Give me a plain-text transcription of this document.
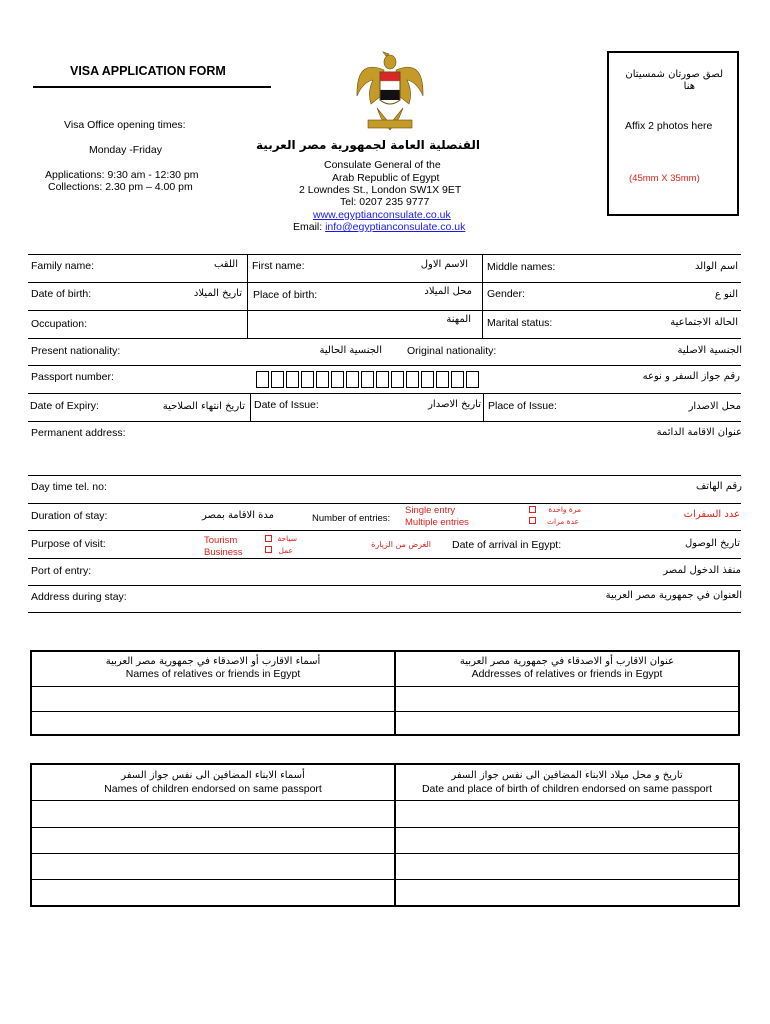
VISA APPLICATION FORM
Visa Office opening times:
Monday -Friday
Applications: 9:30 am - 12:30 pm
Collections: 2.30 pm – 4.00 pm
القنصلية العامة لجمهورية مصر العربية
Consulate General of the
Arab Republic of Egypt
2 Lowndes St., London SW1X 9ET
Tel: 0207 235 9777
www.egyptianconsulate.co.uk
Email: info@egyptianconsulate.co.uk
لصق صورتان شمسيتان
هنا
Affix 2 photos here
(45mm X 35mm)
Family name:	اللقب First name:	الاسم الاول Middle names:	اسم الوالد
Date of birth:	تاريخ الميلاد Place of birth:	محل الميلاد Gender:	النو ع
Occupation:	المهنة Marital status:	الحالة الاجتماعية
Present nationality:	الجنسية الحالية Original nationality:	الجنسية الاصلية
Passport number:	رقم جواز السفر و نوعه
Date of Expiry:	تاريخ انتهاء الصلاحية Date of Issue:	تاريخ الاصدار Place of Issue:	محل الاصدار
Permanent address:	عنوان الاقامة الدائمة
Day time tel. no:	رقم الهاتف
Duration of stay:	مدة الاقامة بمصر	Number of entries:
Single entry
Multiple entries
مرة واحدة
عدة مرات
عدد السفرات
Purpose of visit:	Tourism
Business
سياحة
عمل
الغرض من الزيارة Date of arrival in Egypt:	تاريخ الوصول
Port of entry:	منفذ الدخول لمصر
Address during stay:	العنوان في جمهورية مصر العربية
أسماء الاقارب أو الاصدقاء في جمهورية مصر العربية
Names of relatives or friends in Egypt
عنوان الاقارب أو الاصدقاء في جمهورية مصر العربية
Addresses of relatives or friends in Egypt
أسماء الابناء المضافين الى نفس جواز السفر
Names of children endorsed on same passport
تاريخ و محل ميلاد الابناء المضافين الى نفس جواز السفر
Date and place of birth of children endorsed on same passport
